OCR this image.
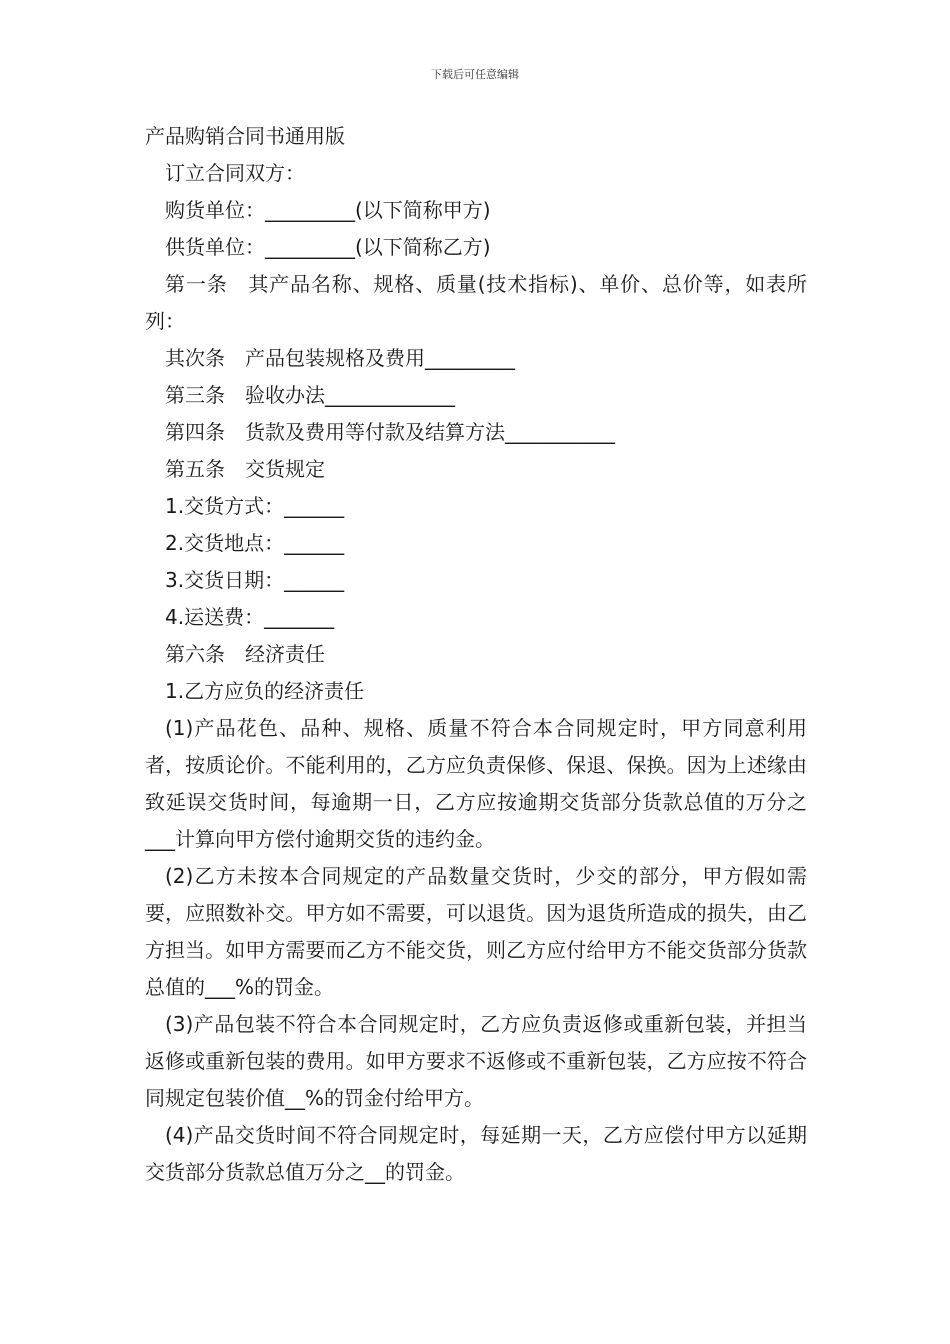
下载后可任意编辑
产品购销合同书通用版

订立合同双方：

购货单位：_________(以下简称甲方)

供货单位：_________(以下简称乙方)

第一条　其产品名称、规格、质量(技术指标)、单价、总价等，如表所列：

其次条　产品包装规格及费用_________

第三条　验收办法_____________

第四条　货款及费用等付款及结算方法___________

第五条　交货规定

1.交货方式：______

2.交货地点：______

3.交货日期：______

4.运送费：_______

第六条　经济责任

1.乙方应负的经济责任

(1)产品花色、品种、规格、质量不符合本合同规定时，甲方同意利用者，按质论价。不能利用的，乙方应负责保修、保退、保换。因为上述缘由致延误交货时间，每逾期一日，乙方应按逾期交货部分货款总值的万分之___计算向甲方偿付逾期交货的违约金。

(2)乙方未按本合同规定的产品数量交货时，少交的部分，甲方假如需要，应照数补交。甲方如不需要，可以退货。因为退货所造成的损失，由乙方担当。如甲方需要而乙方不能交货，则乙方应付给甲方不能交货部分货款总值的___%的罚金。

(3)产品包装不符合本合同规定时，乙方应负责返修或重新包装，并担当返修或重新包装的费用。如甲方要求不返修或不重新包装，乙方应按不符合同规定包装价值__%的罚金付给甲方。

(4)产品交货时间不符合同规定时，每延期一天，乙方应偿付甲方以延期交货部分货款总值万分之__的罚金。
